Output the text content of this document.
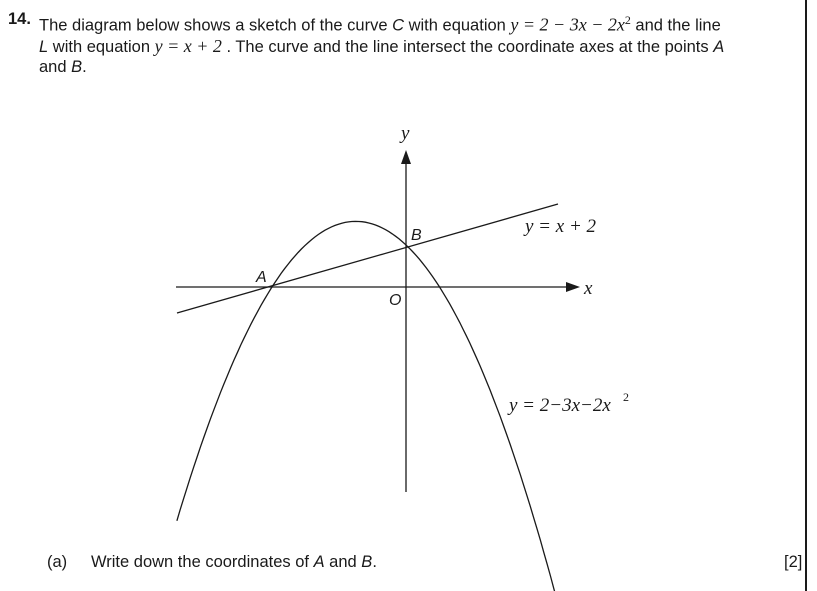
14. The diagram below shows a sketch of the curve C with equation $y = 2 - 3x - 2x^2$ and the line
L with equation y = x + 2 . The curve and the line intersect the coordinate axes at the points A
and B.
y
x
O
A
B	y = x + 2
y = 2−3x−2x 2
(a) Write down the coordinates of A and B.	[2]
